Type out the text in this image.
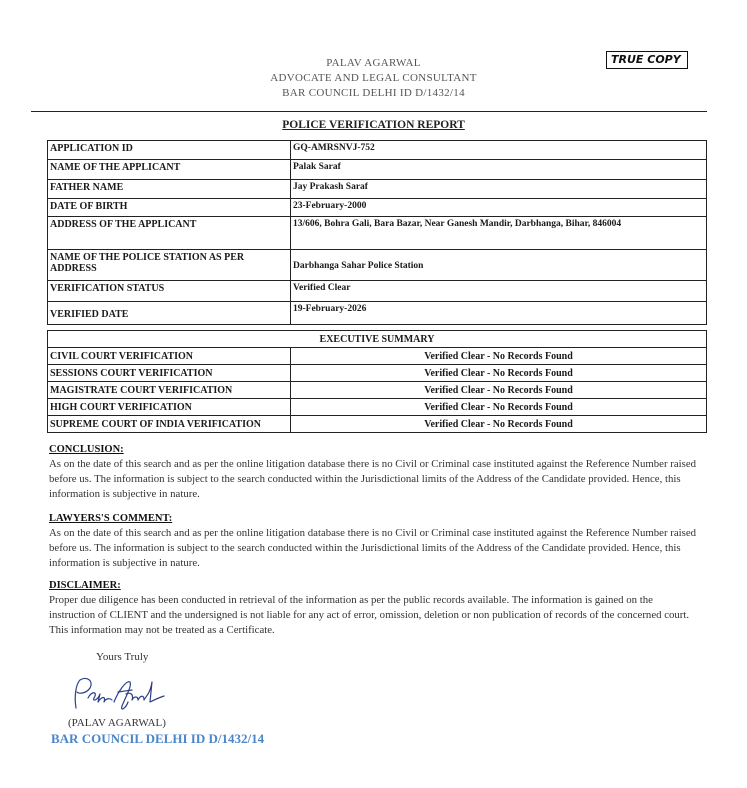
PALAV AGARWAL
ADVOCATE AND LEGAL CONSULTANT
BAR COUNCIL DELHI ID D/1432/14
TRUE COPY
POLICE VERIFICATION REPORT
APPLICATION ID	GQ-AMRSNVJ-752
NAME OF THE APPLICANT	Palak Saraf
FATHER NAME	Jay Prakash Saraf
DATE OF BIRTH	23-February-2000
ADDRESS OF THE APPLICANT	13/606, Bohra Gali, Bara Bazar, Near Ganesh Mandir, Darbhanga, Bihar, 846004
NAME OF THE POLICE STATION AS PER ADDRESS	Darbhanga Sahar Police Station
VERIFICATION STATUS	Verified Clear
VERIFIED DATE	19-February-2026
EXECUTIVE SUMMARY	
CIVIL COURT VERIFICATION	Verified Clear - No Records Found
SESSIONS COURT VERIFICATION	Verified Clear - No Records Found
MAGISTRATE COURT VERIFICATION	Verified Clear - No Records Found
HIGH COURT VERIFICATION	Verified Clear - No Records Found
SUPREME COURT OF INDIA VERIFICATION	Verified Clear - No Records Found
CONCLUSION:
As on the date of this search and as per the online litigation database there is no Civil or Criminal case instituted against the Reference Number raised before us. The information is subject to the search conducted within the Jurisdictional limits of the Address of the Candidate provided. Hence, this information is subjective in nature.
LAWYERS'S COMMENT:
As on the date of this search and as per the online litigation database there is no Civil or Criminal case instituted against the Reference Number raised before us. The information is subject to the search conducted within the Jurisdictional limits of the Address of the Candidate provided. Hence, this information is subjective in nature.
DISCLAIMER:
Proper due diligence has been conducted in retrieval of the information as per the public records available. The information is gained on the instruction of CLIENT and the undersigned is not liable for any act of error, omission, deletion or non publication of records of the concerned court. This information may not be treated as a Certificate.
Yours Truly
(PALAV AGARWAL)
BAR COUNCIL DELHI ID D/1432/14
